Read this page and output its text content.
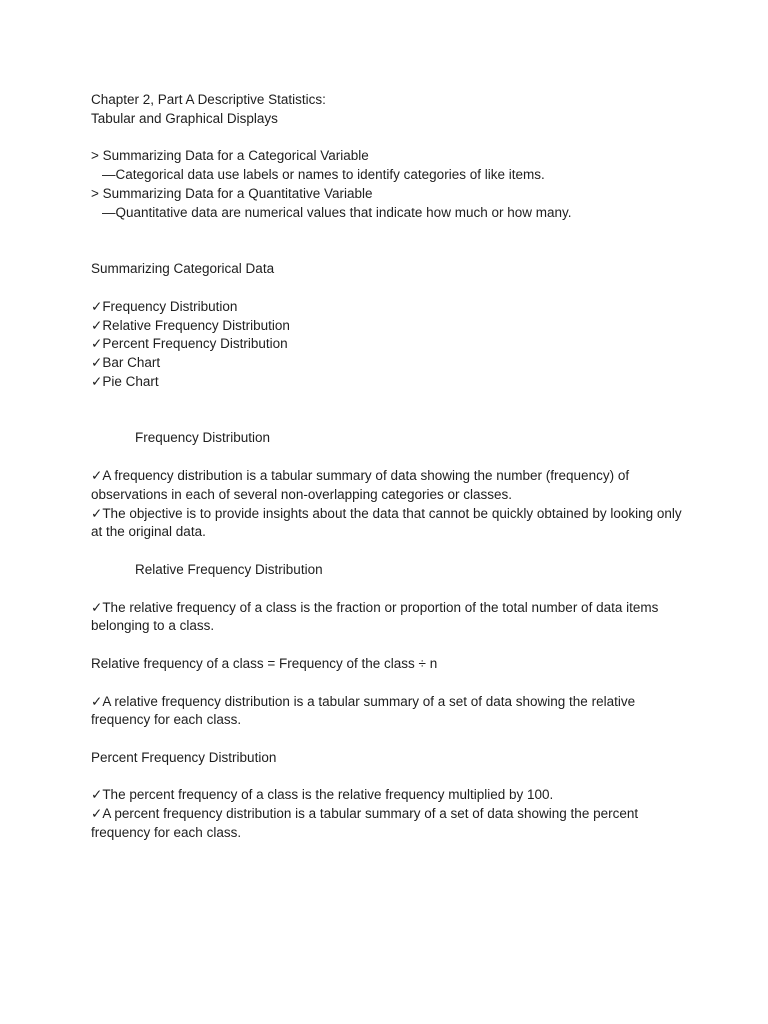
Chapter 2, Part A Descriptive Statistics:

Tabular and Graphical Displays

> Summarizing Data for a Categorical Variable

—Categorical data use labels or names to identify categories of like items.

> Summarizing Data for a Quantitative Variable

—Quantitative data are numerical values that indicate how much or how many.

Summarizing Categorical Data

✓Frequency Distribution

✓Relative Frequency Distribution

✓Percent Frequency Distribution

✓Bar Chart

✓Pie Chart

Frequency Distribution

✓A frequency distribution is a tabular summary of data showing the number (frequency) of observations in each of several non-overlapping categories or classes.

✓The objective is to provide insights about the data that cannot be quickly obtained by looking only at the original data.

Relative Frequency Distribution

✓The relative frequency of a class is the fraction or proportion of the total number of data items belonging to a class.

Relative frequency of a class = Frequency of the class ÷ n

✓A relative frequency distribution is a tabular summary of a set of data showing the relative frequency for each class.

Percent Frequency Distribution

✓The percent frequency of a class is the relative frequency multiplied by 100.

✓A percent frequency distribution is a tabular summary of a set of data showing the percent frequency for each class.
